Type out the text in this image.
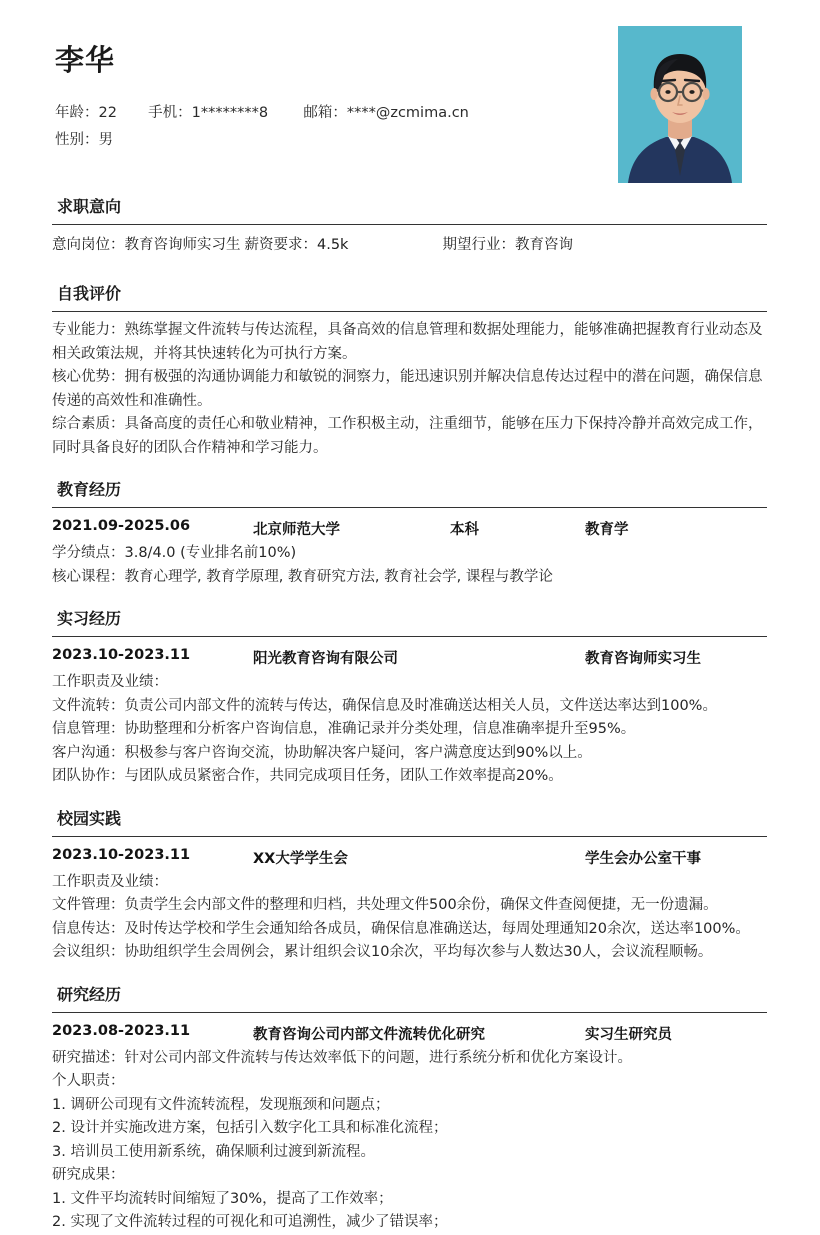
李华
年龄：22 手机：1********8 邮箱：****@zcmima.cn
性别：男
求职意向
意向岗位：教育咨询师实习生 薪资要求：4.5k	期望行业：教育咨询
自我评价

专业能力：熟练掌握文件流转与传达流程，具备高效的信息管理和数据处理能力，能够准确把握教育行业动态及相关政策法规，并将其快速转化为可执行方案。

核心优势：拥有极强的沟通协调能力和敏锐的洞察力，能迅速识别并解决信息传达过程中的潜在问题，确保信息传递的高效性和准确性。

综合素质：具备高度的责任心和敬业精神，工作积极主动，注重细节，能够在压力下保持冷静并高效完成工作，同时具备良好的团队合作精神和学习能力。

教育经历
2021.09-2025.06	北京师范大学	本科	教育学

学分绩点：3.8/4.0 (专业排名前10%)

核心课程：教育心理学, 教育学原理, 教育研究方法, 教育社会学, 课程与教学论

实习经历
2023.10-2023.11	阳光教育咨询有限公司	教育咨询师实习生

工作职责及业绩：

文件流转：负责公司内部文件的流转与传达，确保信息及时准确送达相关人员，文件送达率达到100%。

信息管理：协助整理和分析客户咨询信息，准确记录并分类处理，信息准确率提升至95%。

客户沟通：积极参与客户咨询交流，协助解决客户疑问，客户满意度达到90%以上。

团队协作：与团队成员紧密合作，共同完成项目任务，团队工作效率提高20%。

校园实践
2023.10-2023.11	XX大学学生会	学生会办公室干事

工作职责及业绩：

文件管理：负责学生会内部文件的整理和归档，共处理文件500余份，确保文件查阅便捷，无一份遗漏。

信息传达：及时传达学校和学生会通知给各成员，确保信息准确送达，每周处理通知20余次，送达率100%。

会议组织：协助组织学生会周例会，累计组织会议10余次，平均每次参与人数达30人，会议流程顺畅。

研究经历
2023.08-2023.11	教育咨询公司内部文件流转优化研究	实习生研究员

研究描述：针对公司内部文件流转与传达效率低下的问题，进行系统分析和优化方案设计。

个人职责：

1. 调研公司现有文件流转流程，发现瓶颈和问题点；

2. 设计并实施改进方案，包括引入数字化工具和标准化流程；

3. 培训员工使用新系统，确保顺利过渡到新流程。

研究成果：

1. 文件平均流转时间缩短了30%，提高了工作效率；

2. 实现了文件流转过程的可视化和可追溯性，减少了错误率；
